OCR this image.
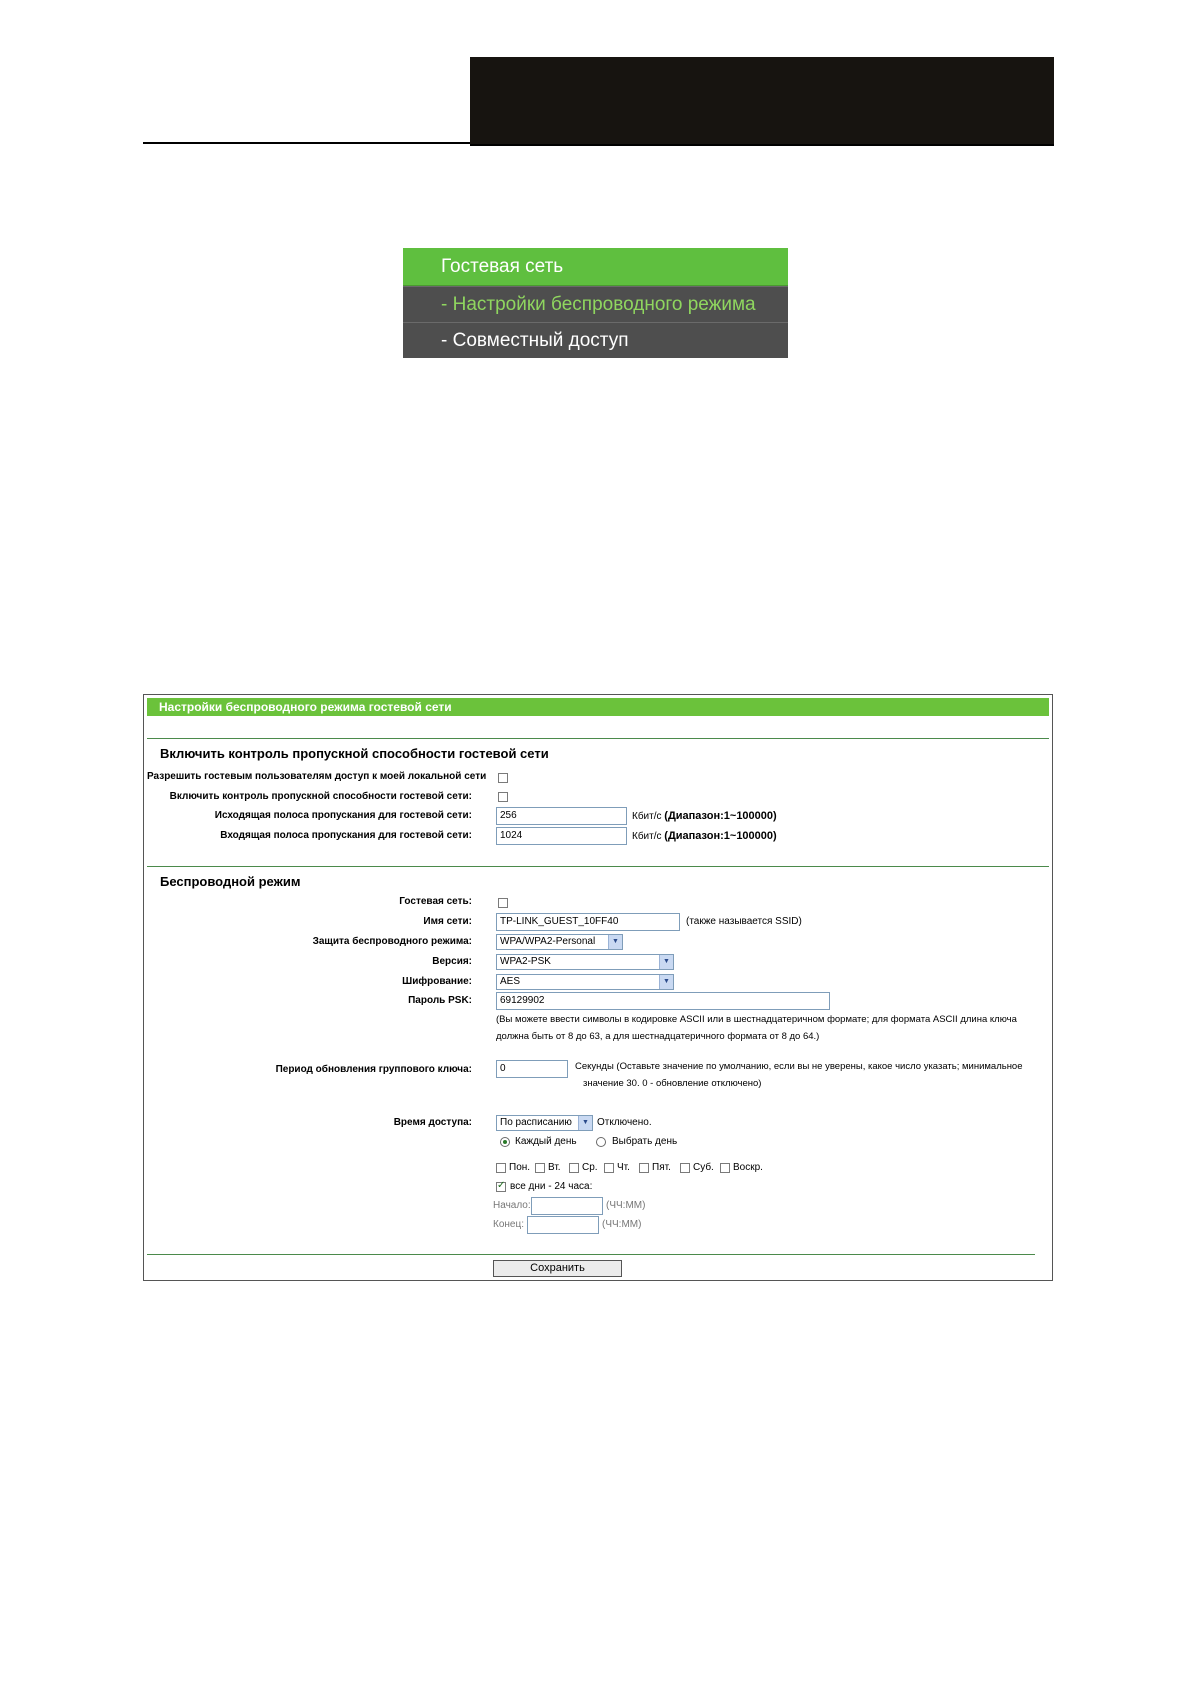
Гостевая сеть
- Настройки беспроводного режима
- Совместный доступ
Настройки беспроводного режима гостевой сети
Включить контроль пропускной способности гостевой сети
Разрешить гостевым пользователям доступ к моей локальной сети
Включить контроль пропускной способности гостевой сети:
Исходящая полоса пропускания для гостевой сети:	256	Кбит/с (Диапазон:1~100000)
Входящая полоса пропускания для гостевой сети:	1024	Кбит/с (Диапазон:1~100000)
Беспроводной режим
Гостевая сеть:
Имя сети:	TP-LINK_GUEST_10FF40	(также называется SSID)
Защита беспроводного режима:	WPA/WPA2-Personal	▼
Версия:	WPA2-PSK	▼
Шифрование:	AES	▼
Пароль PSK:	69129902
(Вы можете ввести символы в кодировке ASCII или в шестнадцатеричном формате; для формата ASCII длина ключа
должна быть от 8 до 63, а для шестнадцатеричного формата от 8 до 64.)
Период обновления группового ключа:	0	Секунды (Оставьте значение по умолчанию, если вы не уверены, какое число указать; минимальное
значение 30. 0 - обновление отключено)
Время доступа:	По расписанию	▼ Отключено.
Каждый день	Выбрать день
Пон. Вт. Ср. Чт. Пят. Суб. Воскр.
✓
все дни - 24 часа:
Начало:	(ЧЧ:ММ)
Конец:	(ЧЧ:ММ)
Сохранить
